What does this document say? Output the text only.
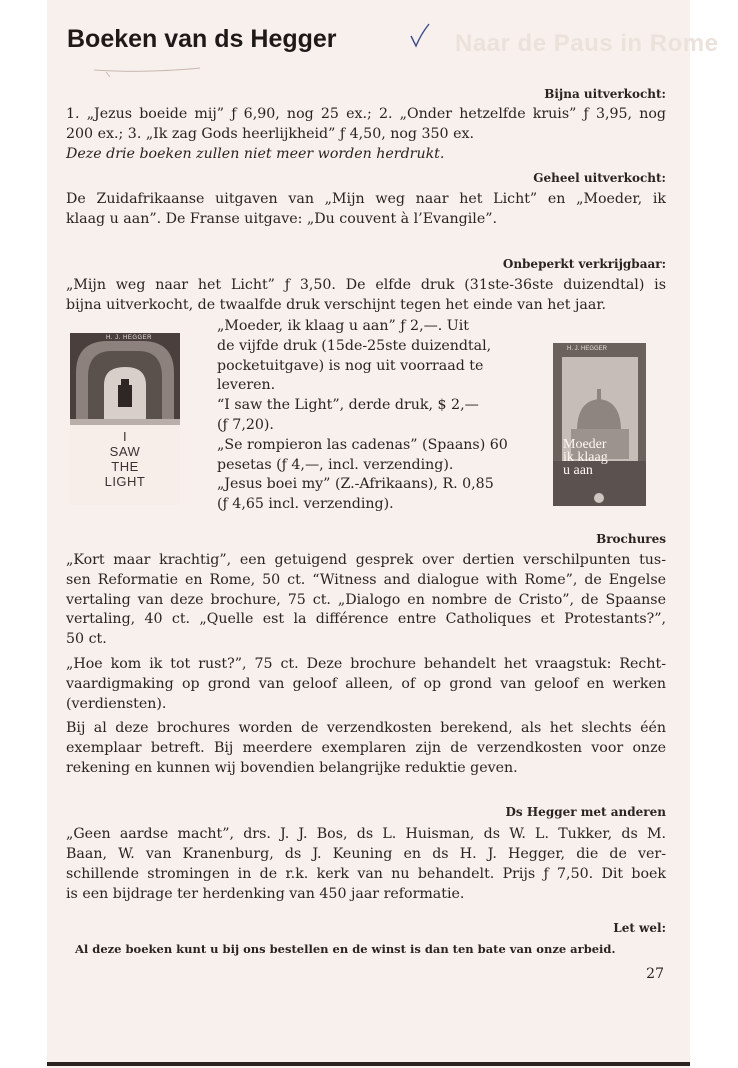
Naar de Paus in Rome
Boeken van ds Hegger
Bijna uitverkocht:
1. „Jezus boeide mij” ƒ 6,90, nog 25 ex.; 2. „Onder hetzelfde kruis” ƒ 3,95, nog
200 ex.; 3. „Ik zag Gods heerlijkheid” ƒ 4,50, nog 350 ex.
Deze drie boeken zullen niet meer worden herdrukt.
Geheel uitverkocht:
De Zuidafrikaanse uitgaven van „Mijn weg naar het Licht” en „Moeder, ik
klaag u aan”. De Franse uitgave: „Du couvent à l’Evangile”.
Onbeperkt verkrijgbaar:
„Mijn weg naar het Licht” ƒ 3,50. De elfde druk (31ste-36ste duizendtal) is
bijna uitverkocht, de twaalfde druk verschijnt tegen het einde van het jaar.
„Moeder, ik klaag u aan” ƒ 2,—. Uit
de vijfde druk (15de-25ste duizendtal,
pocketuitgave) is nog uit voorraad te
leveren.
“I saw the Light”, derde druk, $ 2,—
(ƒ 7,20).
„Se rompieron las cadenas” (Spaans) 60
pesetas (ƒ 4,—, incl. verzending).
„Jesus boei my” (Z.-Afrikaans), R. 0,85
(ƒ 4,65 incl. verzending).
H. J. HEGGER
I
SAW
THE
LIGHT
H. J. HEGGER
Moeder
ik klaag
u aan
Brochures
„Kort maar krachtig”, een getuigend gesprek over dertien verschilpunten tus-
sen Reformatie en Rome, 50 ct. “Witness and dialogue with Rome”, de Engelse
vertaling van deze brochure, 75 ct. „Dialogo en nombre de Cristo”, de Spaanse
vertaling, 40 ct. „Quelle est la différence entre Catholiques et Protestants?”,
50 ct.
„Hoe kom ik tot rust?”, 75 ct. Deze brochure behandelt het vraagstuk: Recht-
vaardigmaking op grond van geloof alleen, of op grond van geloof en werken
(verdiensten).
Bij al deze brochures worden de verzendkosten berekend, als het slechts één
exemplaar betreft. Bij meerdere exemplaren zijn de verzendkosten voor onze
rekening en kunnen wij bovendien belangrijke reduktie geven.
Ds Hegger met anderen
„Geen aardse macht”, drs. J. J. Bos, ds L. Huisman, ds W. L. Tukker, ds M.
Baan, W. van Kranenburg, ds J. Keuning en ds H. J. Hegger, die de ver-
schillende stromingen in de r.k. kerk van nu behandelt. Prijs ƒ 7,50. Dit boek
is een bijdrage ter herdenking van 450 jaar reformatie.
Let wel:
Al deze boeken kunt u bij ons bestellen en de winst is dan ten bate van onze arbeid.
27
